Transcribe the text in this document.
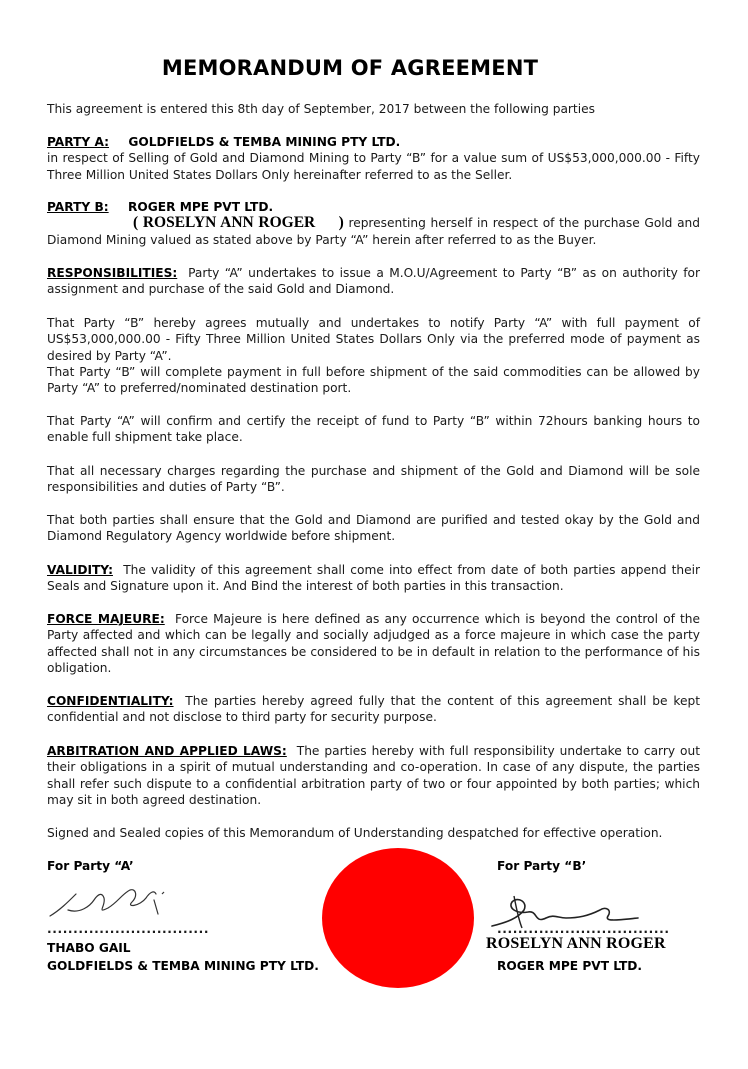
MEMORANDUM OF AGREEMENT

This agreement is entered this 8th day of September, 2017 between the following parties

PARTY A: GOLDFIELDS & TEMBA MINING PTY LTD.
in respect of Selling of Gold and Diamond Mining to Party “B” for a value sum of US$53,000,000.00 - Fifty Three Million United States Dollars Only hereinafter referred to as the Seller.

PARTY B: ROGER MPE PVT LTD.
( ROSELYN ANN ROGER ) representing herself in respect of the purchase Gold and Diamond Mining valued as stated above by Party “A” herein after referred to as the Buyer.

RESPONSIBILITIES: Party “A” undertakes to issue a M.O.U/Agreement to Party “B” as on authority for assignment and purchase of the said Gold and Diamond.

That Party “B” hereby agrees mutually and undertakes to notify Party “A” with full payment of US$53,000,000.00 - Fifty Three Million United States Dollars Only via the preferred mode of payment as desired by Party “A”.

That Party “B” will complete payment in full before shipment of the said commodities can be allowed by Party “A” to preferred/nominated destination port.

That Party “A” will confirm and certify the receipt of fund to Party “B” within 72hours banking hours to enable full shipment take place.

That all necessary charges regarding the purchase and shipment of the Gold and Diamond will be sole responsibilities and duties of Party “B”.

That both parties shall ensure that the Gold and Diamond are purified and tested okay by the Gold and Diamond Regulatory Agency worldwide before shipment.

VALIDITY: The validity of this agreement shall come into effect from date of both parties append their Seals and Signature upon it. And Bind the interest of both parties in this transaction.

FORCE MAJEURE: Force Majeure is here defined as any occurrence which is beyond the control of the Party affected and which can be legally and socially adjudged as a force majeure in which case the party affected shall not in any circumstances be considered to be in default in relation to the performance of his obligation.

CONFIDENTIALITY: The parties hereby agreed fully that the content of this agreement shall be kept confidential and not disclose to third party for security purpose.

ARBITRATION AND APPLIED LAWS: The parties hereby with full responsibility undertake to carry out their obligations in a spirit of mutual understanding and co-operation. In case of any dispute, the parties shall refer such dispute to a confidential arbitration party of two or four appointed by both parties; which may sit in both agreed destination.

Signed and Sealed copies of this Memorandum of Understanding despatched for effective operation.

For Party “A’
...............................
THABO GAIL
GOLDFIELDS & TEMBA MINING PTY LTD.
For Party “B’
.................................
ROSELYN ANN ROGER
ROGER MPE PVT LTD.
